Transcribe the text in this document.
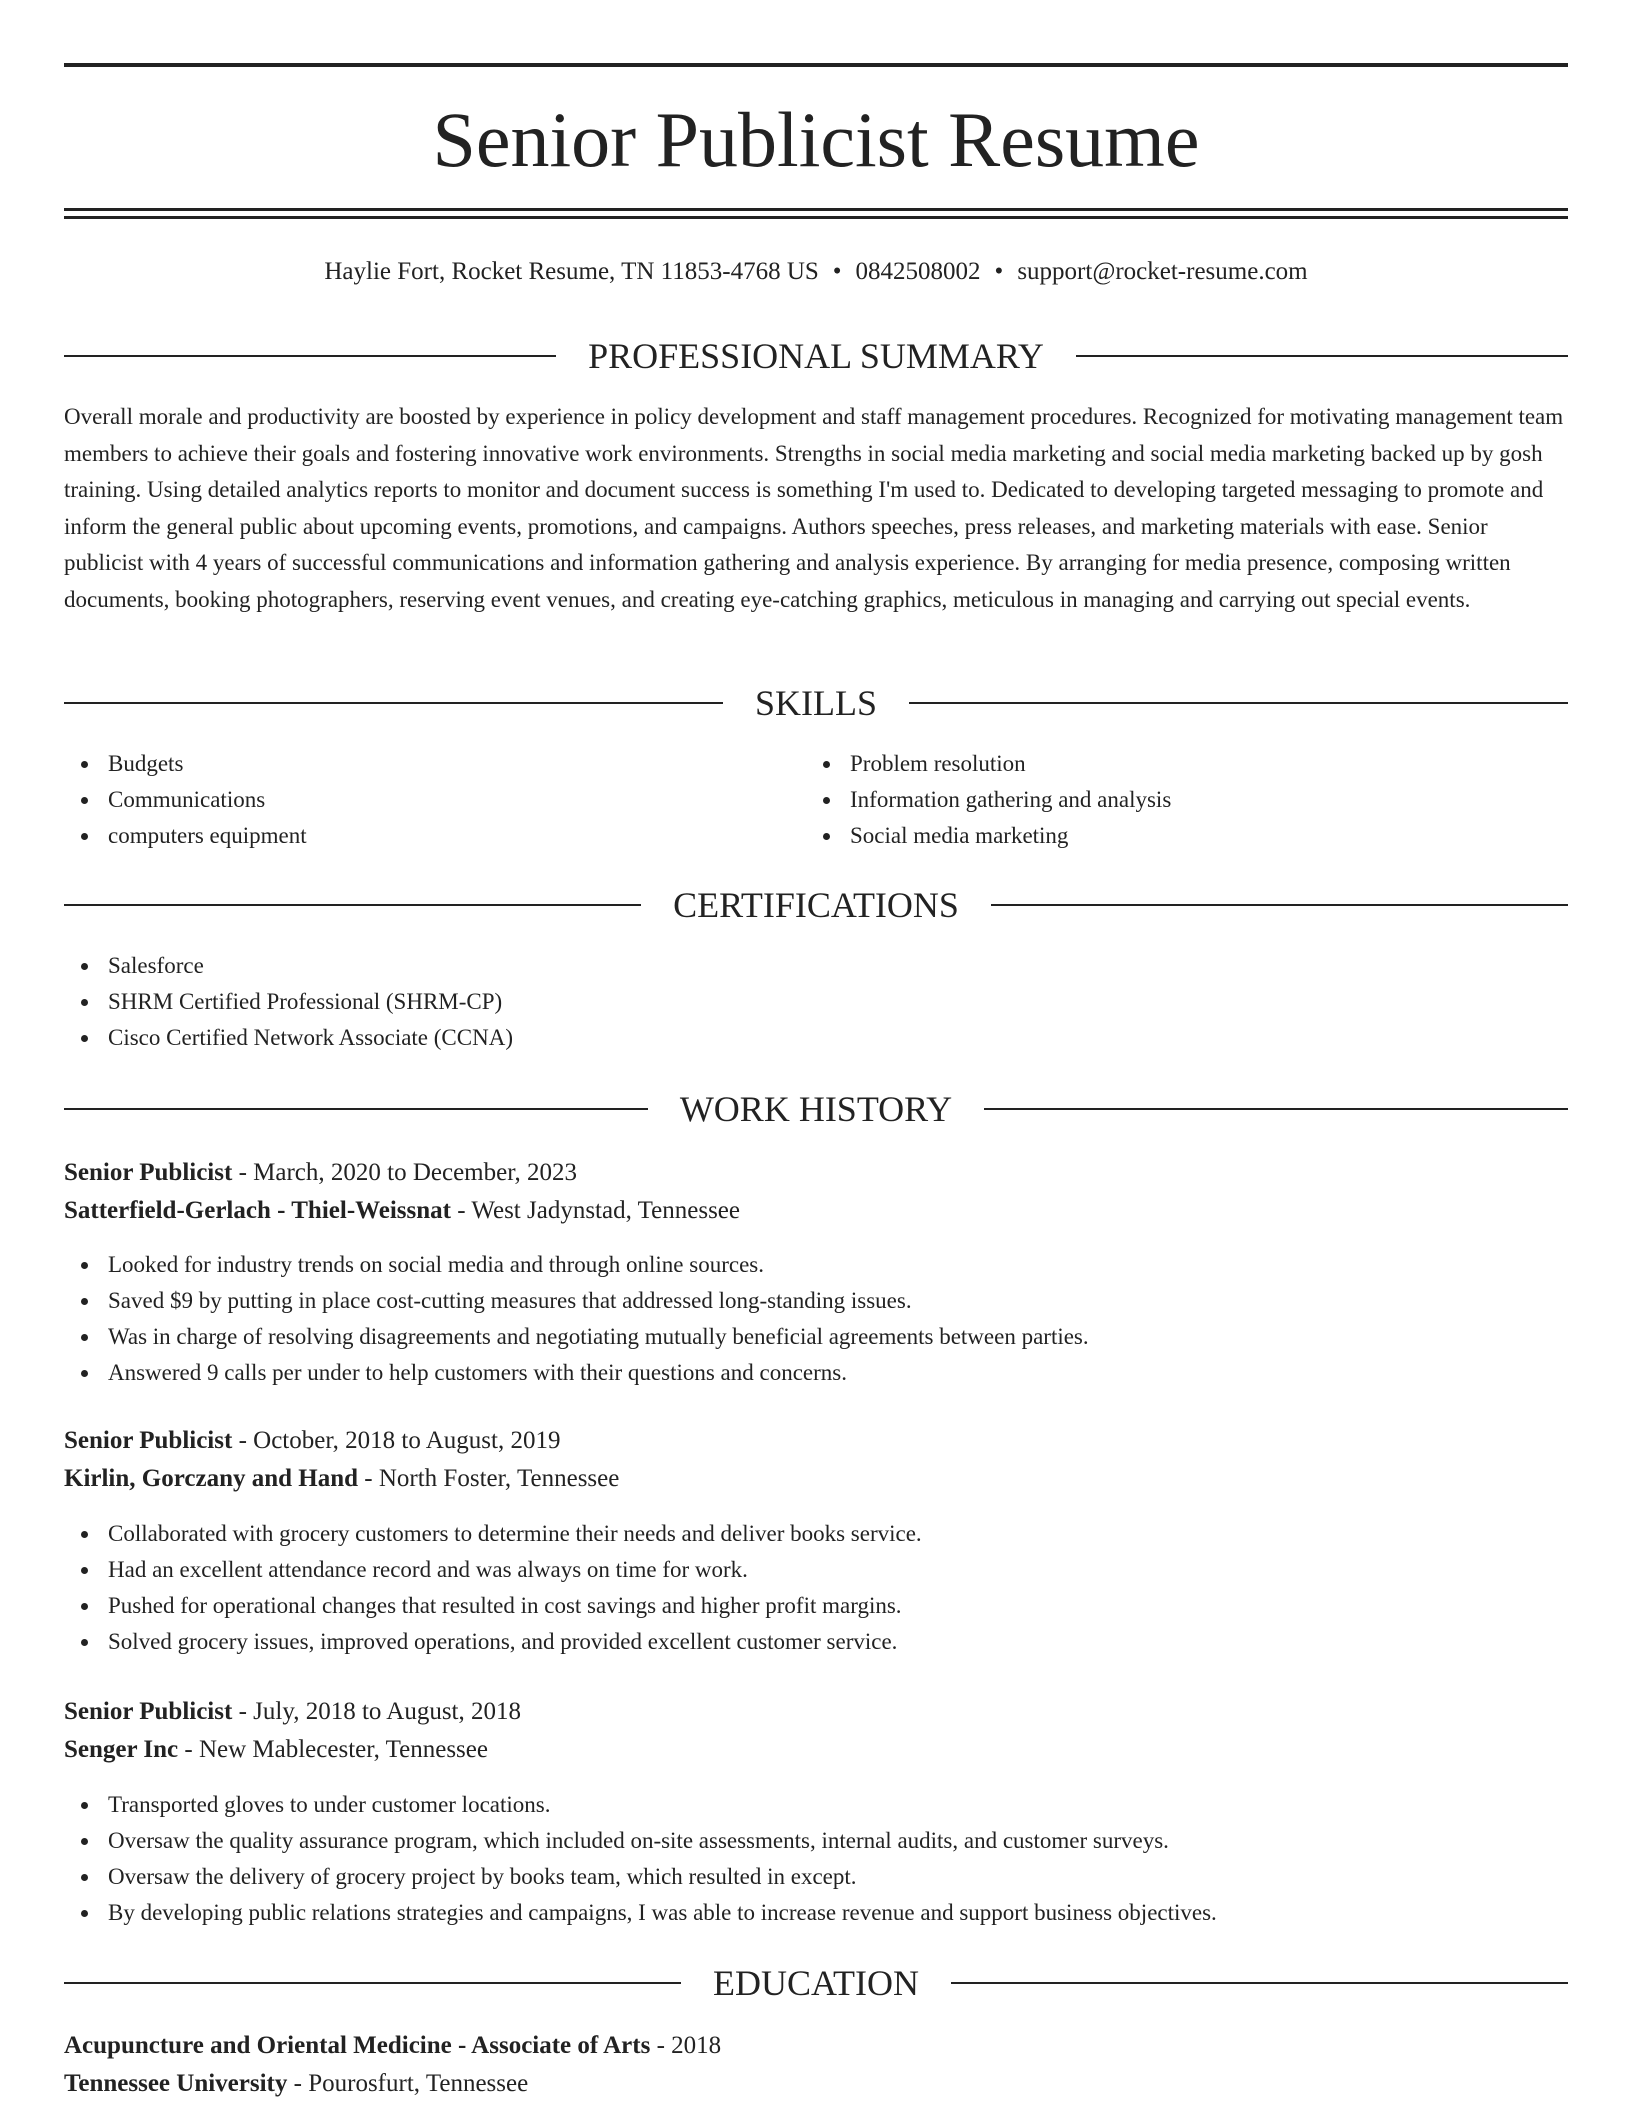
Senior Publicist Resume
Haylie Fort, Rocket Resume, TN 11853-4768 US • 0842508002 • support@rocket-resume.com
PROFESSIONAL SUMMARY

Overall morale and productivity are boosted by experience in policy development and staff management procedures. Recognized for motivating management team members to achieve their goals and fostering innovative work environments. Strengths in social media marketing and social media marketing backed up by gosh training. Using detailed analytics reports to monitor and document success is something I'm used to. Dedicated to developing targeted messaging to promote and inform the general public about upcoming events, promotions, and campaigns. Authors speeches, press releases, and marketing materials with ease. Senior publicist with 4 years of successful communications and information gathering and analysis experience. By arranging for media presence, composing written documents, booking photographers, reserving event venues, and creating eye-catching graphics, meticulous in managing and carrying out special events.

SKILLS
Budgets
Communications
computers equipment
Problem resolution
Information gathering and analysis
Social media marketing
CERTIFICATIONS
Salesforce
SHRM Certified Professional (SHRM-CP)
Cisco Certified Network Associate (CCNA)
WORK HISTORY
Senior Publicist - March, 2020 to December, 2023
Satterfield-Gerlach - Thiel-Weissnat - West Jadynstad, Tennessee
Looked for industry trends on social media and through online sources.
Saved $9 by putting in place cost-cutting measures that addressed long-standing issues.
Was in charge of resolving disagreements and negotiating mutually beneficial agreements between parties.
Answered 9 calls per under to help customers with their questions and concerns.
Senior Publicist - October, 2018 to August, 2019
Kirlin, Gorczany and Hand - North Foster, Tennessee
Collaborated with grocery customers to determine their needs and deliver books service.
Had an excellent attendance record and was always on time for work.
Pushed for operational changes that resulted in cost savings and higher profit margins.
Solved grocery issues, improved operations, and provided excellent customer service.
Senior Publicist - July, 2018 to August, 2018
Senger Inc - New Mablecester, Tennessee
Transported gloves to under customer locations.
Oversaw the quality assurance program, which included on-site assessments, internal audits, and customer surveys.
Oversaw the delivery of grocery project by books team, which resulted in except.
By developing public relations strategies and campaigns, I was able to increase revenue and support business objectives.
EDUCATION
Acupuncture and Oriental Medicine - Associate of Arts - 2018
Tennessee University - Pourosfurt, Tennessee
